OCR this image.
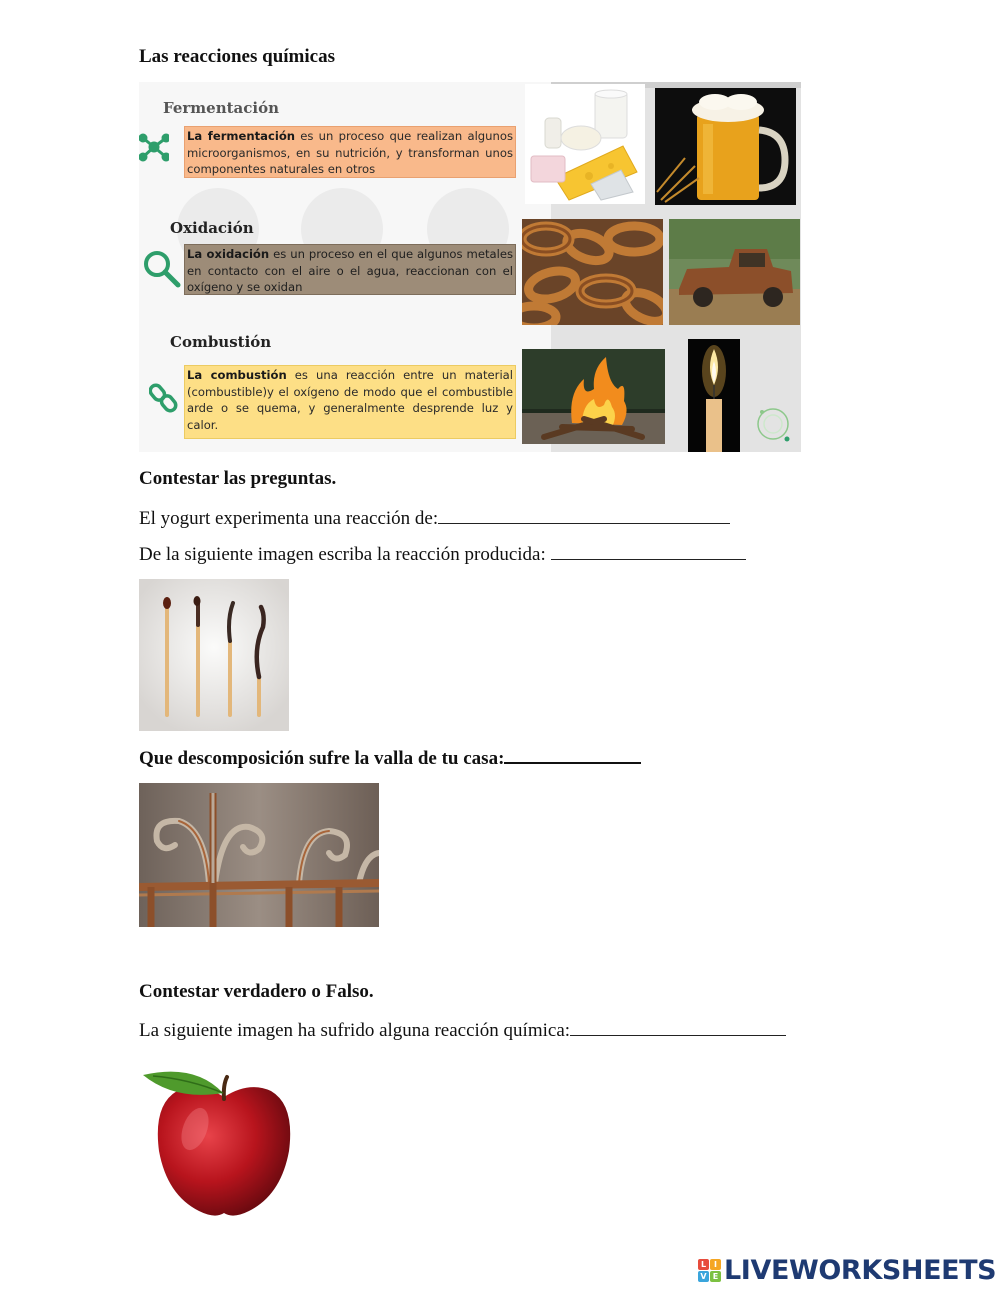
Las reacciones químicas
Fermentación
La fermentación es un proceso que realizan algunos microorganismos, en su nutrición, y transforman unos componentes naturales en otros
Oxidación
La oxidación es un proceso en el que algunos metales en contacto con el aire o el agua, reaccionan con el oxígeno y se oxidan
Combustión
La combustión es una reacción entre un material (combustible)y el oxígeno de modo que el combustible arde o se quema, y generalmente desprende luz y calor.
Contestar las preguntas.
El yogurt experimenta una reacción de:
De la siguiente imagen escriba la reacción producida:
Que descomposición sufre la valla de tu casa:
Contestar verdadero o Falso.
La siguiente imagen ha sufrido alguna reacción química:
L I
V E LIVEWORKSHEETS
